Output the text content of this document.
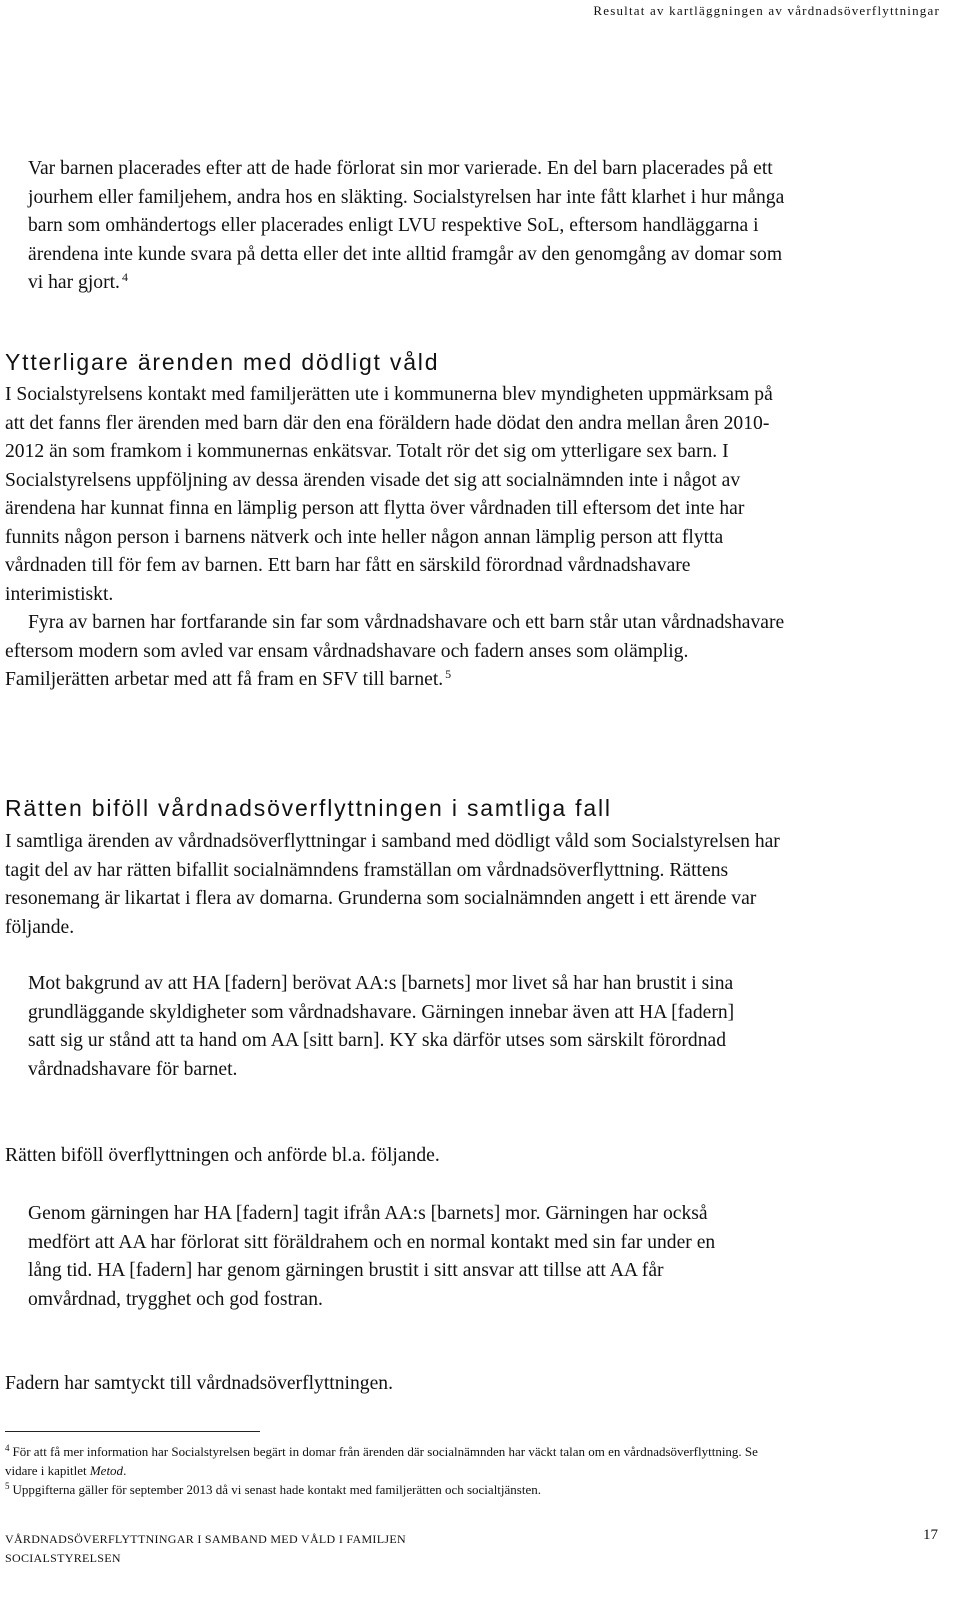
Resultat av kartläggningen av vårdnadsöverflyttningar

Var barnen placerades efter att de hade förlorat sin mor varierade. En del barn placerades på ett jourhem eller familjehem, andra hos en släkting. Socialstyrelsen har inte fått klarhet i hur många barn som omhändertogs eller placerades enligt LVU respektive SoL, eftersom handläggarna i ärendena inte kunde svara på detta eller det inte alltid framgår av den genomgång av domar som vi har gjort. $^4$

Ytterligare ärenden med dödligt våld

I Socialstyrelsens kontakt med familjerätten ute i kommunerna blev myndigheten uppmärksam på att det fanns fler ärenden med barn där den ena föräldern hade dödat den andra mellan åren 2010-2012 än som framkom i kommunernas enkätsvar. Totalt rör det sig om ytterligare sex barn. I Socialstyrelsens uppföljning av dessa ärenden visade det sig att socialnämnden inte i något av ärendena har kunnat finna en lämplig person att flytta över vårdnaden till eftersom det inte har funnits någon person i barnens nätverk och inte heller någon annan lämplig person att flytta vårdnaden till för fem av barnen. Ett barn har fått en särskild förordnad vårdnadshavare interimistiskt.

Fyra av barnen har fortfarande sin far som vårdnadshavare och ett barn står utan vårdnadshavare eftersom modern som avled var ensam vårdnadshavare och fadern anses som olämplig. Familjerätten arbetar med att få fram en SFV till barnet. $^5$

Rätten biföll vårdnadsöverflyttningen i samtliga fall

I samtliga ärenden av vårdnadsöverflyttningar i samband med dödligt våld som Socialstyrelsen har tagit del av har rätten bifallit socialnämndens framställan om vårdnadsöverflyttning. Rättens resonemang är likartat i flera av domarna. Grunderna som socialnämnden angett i ett ärende var följande.

Mot bakgrund av att HA [fadern] berövat AA:s [barnets] mor livet så har han brustit i sina grundläggande skyldigheter som vårdnadshavare. Gärningen innebar även att HA [fadern] satt sig ur stånd att ta hand om AA [sitt barn]. KY ska därför utses som särskilt förordnad vårdnadshavare för barnet.

Rätten biföll överflyttningen och anförde bl.a. följande.

Genom gärningen har HA [fadern] tagit ifrån AA:s [barnets] mor. Gärningen har också medfört att AA har förlorat sitt föräldrahem och en normal kontakt med sin far under en lång tid. HA [fadern] har genom gärningen brustit i sitt ansvar att tillse att AA får omvårdnad, trygghet och god fostran.

Fadern har samtyckt till vårdnadsöverflyttningen.

$^4$ För att få mer information har Socialstyrelsen begärt in domar från ärenden där socialnämnden har väckt talan om en vårdnadsöverflyttning. Se vidare i kapitlet Metod.

$^5$ Uppgifterna gäller för september 2013 då vi senast hade kontakt med familjerätten och socialtjänsten.

VÅRDNADSÖVERFLYTTNINGAR I SAMBAND MED VÅLD I FAMILJEN
SOCIALSTYRELSEN
17
